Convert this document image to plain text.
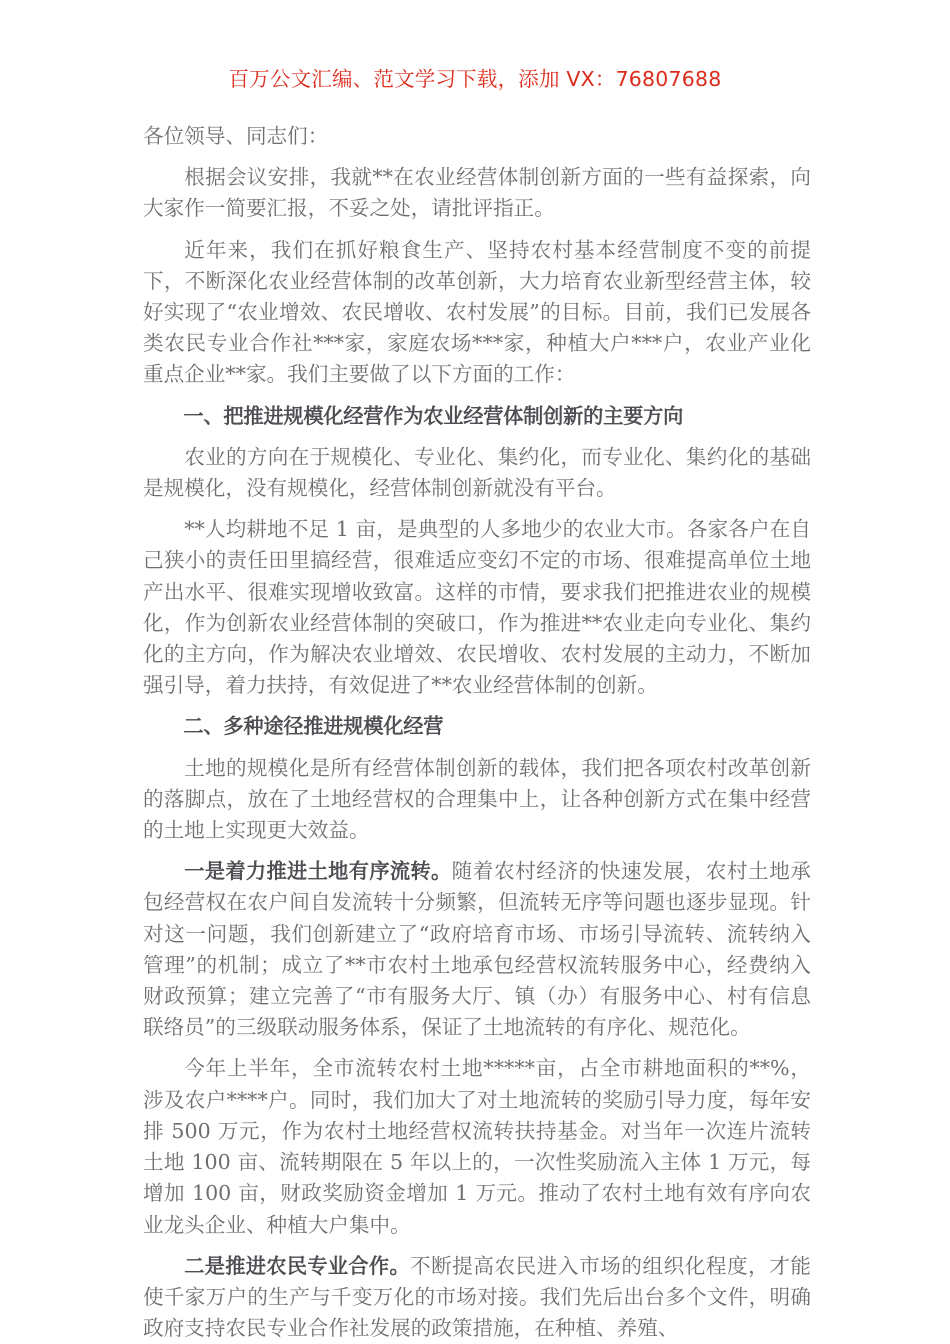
百万公文汇编、范文学习下载，添加 VX：76807688

各位领导、同志们：

根据会议安排，我就**在农业经营体制创新方面的一些有益探索，向大家作一简要汇报，不妥之处，请批评指正。

近年来，我们在抓好粮食生产、坚持农村基本经营制度不变的前提下，不断深化农业经营体制的改革创新，大力培育农业新型经营主体，较好实现了“农业增效、农民增收、农村发展”的目标。目前，我们已发展各类农民专业合作社***家，家庭农场***家，种植大户***户，农业产业化重点企业**家。我们主要做了以下方面的工作：

一、把推进规模化经营作为农业经营体制创新的主要方向

农业的方向在于规模化、专业化、集约化，而专业化、集约化的基础是规模化，没有规模化，经营体制创新就没有平台。

**人均耕地不足 1 亩，是典型的人多地少的农业大市。各家各户在自己狭小的责任田里搞经营，很难适应变幻不定的市场、很难提高单位土地产出水平、很难实现增收致富。这样的市情，要求我们把推进农业的规模化，作为创新农业经营体制的突破口，作为推进**农业走向专业化、集约化的主方向，作为解决农业增效、农民增收、农村发展的主动力，不断加强引导，着力扶持，有效促进了**农业经营体制的创新。

二、多种途径推进规模化经营

土地的规模化是所有经营体制创新的载体，我们把各项农村改革创新的落脚点，放在了土地经营权的合理集中上，让各种创新方式在集中经营的土地上实现更大效益。

一是着力推进土地有序流转。随着农村经济的快速发展，农村土地承包经营权在农户间自发流转十分频繁，但流转无序等问题也逐步显现。针对这一问题，我们创新建立了“政府培育市场、市场引导流转、流转纳入管理”的机制；成立了**市农村土地承包经营权流转服务中心，经费纳入财政预算；建立完善了“市有服务大厅、镇（办）有服务中心、村有信息联络员”的三级联动服务体系，保证了土地流转的有序化、规范化。

今年上半年，全市流转农村土地*****亩，占全市耕地面积的**%，涉及农户****户。同时，我们加大了对土地流转的奖励引导力度，每年安排 500 万元，作为农村土地经营权流转扶持基金。对当年一次连片流转土地 100 亩、流转期限在 5 年以上的，一次性奖励流入主体 1 万元，每增加 100 亩，财政奖励资金增加 1 万元。推动了农村土地有效有序向农业龙头企业、种植大户集中。

二是推进农民专业合作。不断提高农民进入市场的组织化程度，才能使千家万户的生产与千变万化的市场对接。我们先后出台多个文件，明确政府支持农民专业合作社发展的政策措施，在种植、养殖、
